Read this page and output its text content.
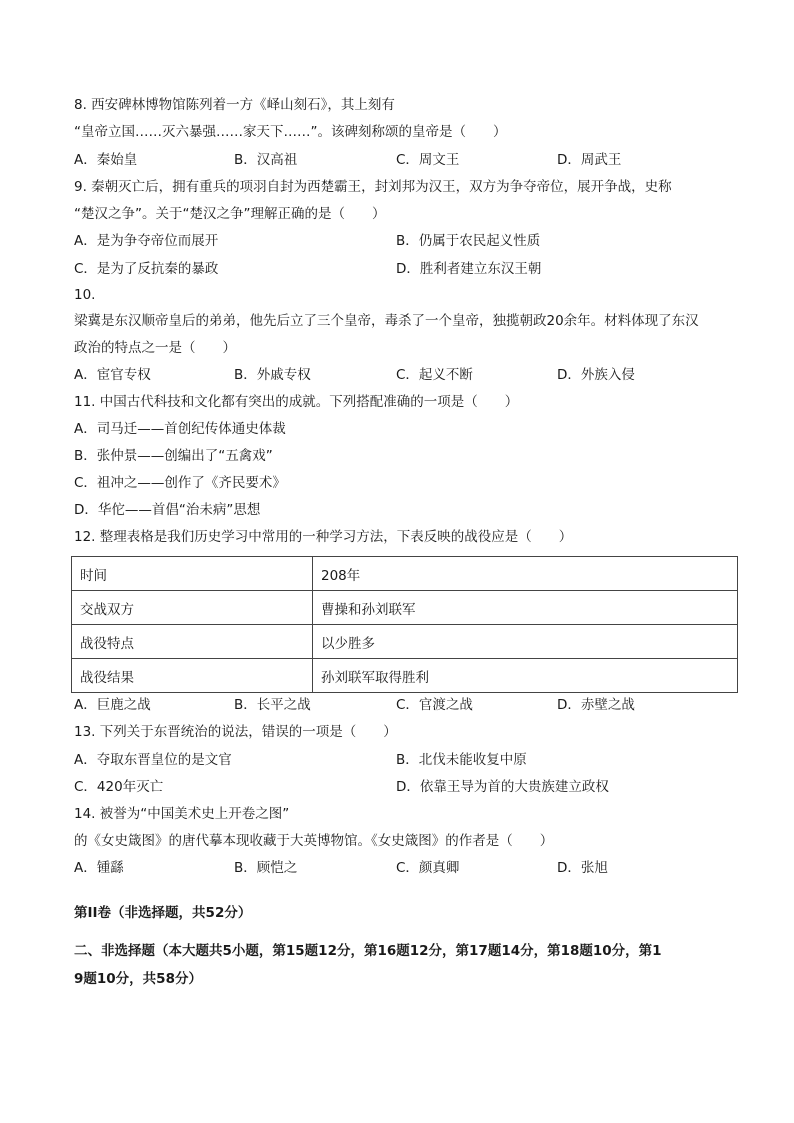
8. 西安碑林博物馆陈列着一方《峄山刻石》，其上刻有
“皇帝立国……灭六暴强……家天下……”。该碑刻称颂的皇帝是（　　）
A．秦始皇	B．汉高祖	C．周文王	D．周武王
9. 秦朝灭亡后，拥有重兵的项羽自封为西楚霸王，封刘邦为汉王，双方为争夺帝位，展开争战，史称
“楚汉之争”。关于“楚汉之争”理解正确的是（　　）
A．是为争夺帝位而展开	B．仍属于农民起义性质
C．是为了反抗秦的暴政	D．胜利者建立东汉王朝
10.
梁冀是东汉顺帝皇后的弟弟，他先后立了三个皇帝，毒杀了一个皇帝，独揽朝政20余年。材料体现了东汉
政治的特点之一是（　　）
A．宦官专权	B．外戚专权	C．起义不断	D．外族入侵
11. 中国古代科技和文化都有突出的成就。下列搭配准确的一项是（　　）
A．司马迁——首创纪传体通史体裁
B．张仲景——创编出了“五禽戏”
C．祖冲之——创作了《齐民要术》
D．华佗——首倡“治未病”思想
12. 整理表格是我们历史学习中常用的一种学习方法，下表反映的战役应是（　　）
时间	208年
交战双方	曹操和孙刘联军
战役特点	以少胜多
战役结果	孙刘联军取得胜利
A．巨鹿之战	B．长平之战	C．官渡之战	D．赤壁之战
13. 下列关于东晋统治的说法，错误的一项是（　　）
A．夺取东晋皇位的是文官	B．北伐未能收复中原
C．420年灭亡	D．依靠王导为首的大贵族建立政权
14. 被誉为“中国美术史上开卷之图”
的《女史箴图》的唐代摹本现收藏于大英博物馆。《女史箴图》的作者是（　　）
A．锺繇	B．顾恺之	C．颜真卿	D．张旭
第II卷（非选择题，共52分）
二、非选择题（本大题共5小题，第15题12分，第16题12分，第17题14分，第18题10分，第1
9题10分，共58分）
